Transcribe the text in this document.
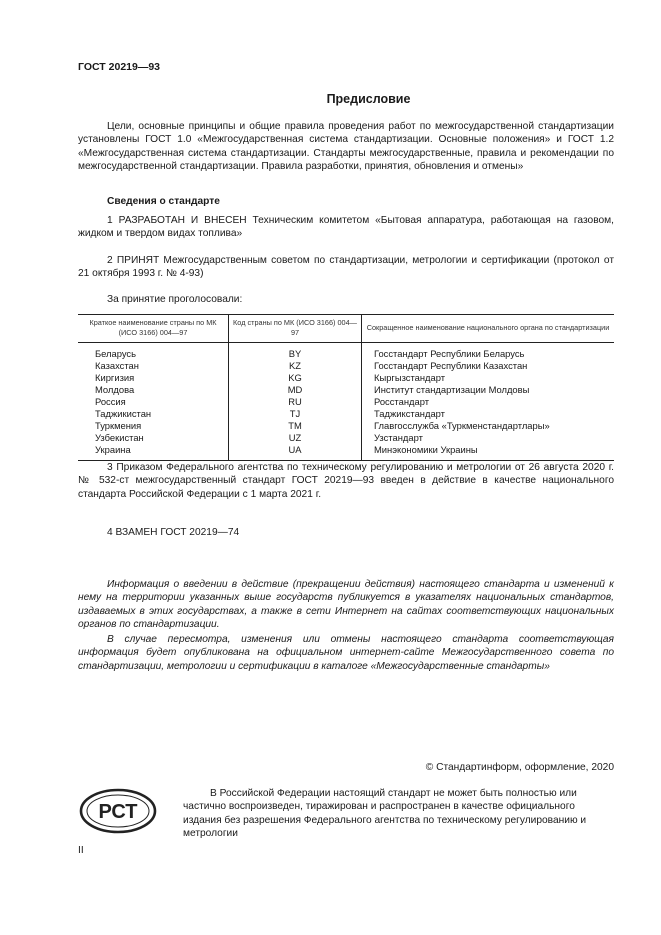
ГОСТ 20219—93
Предисловие
Цели, основные принципы и общие правила проведения работ по межгосударственной стандартизации установлены ГОСТ 1.0 «Межгосударственная система стандартизации. Основные положения» и ГОСТ 1.2 «Межгосударственная система стандартизации. Стандарты межгосударственные, правила и рекомендации по межгосударственной стандартизации. Правила разработки, принятия, обновления и отмены»
Сведения о стандарте
1 РАЗРАБОТАН И ВНЕСЕН Техническим комитетом «Бытовая аппаратура, работающая на газовом, жидком и твердом видах топлива»
2 ПРИНЯТ Межгосударственным советом по стандартизации, метрологии и сертификации (протокол от 21 октября 1993 г. № 4-93)
За принятие проголосовали:
Краткое наименование страны по МК (ИСО 3166) 004—97	Код страны по МК (ИСО 3166) 004—97	Сокращенное наименование национального органа по стандартизации
Беларусь	BY	Госстандарт Республики Беларусь
Казахстан	KZ	Госстандарт Республики Казахстан
Киргизия	KG	Кыргызстандарт
Молдова	MD	Институт стандартизации Молдовы
Россия	RU	Росстандарт
Таджикистан	TJ	Таджикстандарт
Туркмения	TM	Главгосслужба «Туркменстандартлары»
Узбекистан	UZ	Узстандарт
Украина	UA	Минэкономики Украины
3 Приказом Федерального агентства по техническому регулированию и метрологии от 26 августа 2020 г. № 532-ст межгосударственный стандарт ГОСТ 20219—93 введен в действие в качестве национального стандарта Российской Федерации с 1 марта 2021 г.
4 ВЗАМЕН ГОСТ 20219—74
Информация о введении в действие (прекращении действия) настоящего стандарта и изменений к нему на территории указанных выше государств публикуется в указателях национальных стандартов, издаваемых в этих государствах, а также в сети Интернет на сайтах соответствующих национальных органов по стандартизации.
В случае пересмотра, изменения или отмены настоящего стандарта соответствующая информация будет опубликована на официальном интернет-сайте Межгосударственного совета по стандартизации, метрологии и сертификации в каталоге «Межгосударственные стандарты»
© Стандартинформ, оформление, 2020
РСТ
В Российской Федерации настоящий стандарт не может быть полностью или частично воспроизведен, тиражирован и распространен в качестве официального издания без разрешения Федерального агентства по техническому регулированию и метрологии
II
